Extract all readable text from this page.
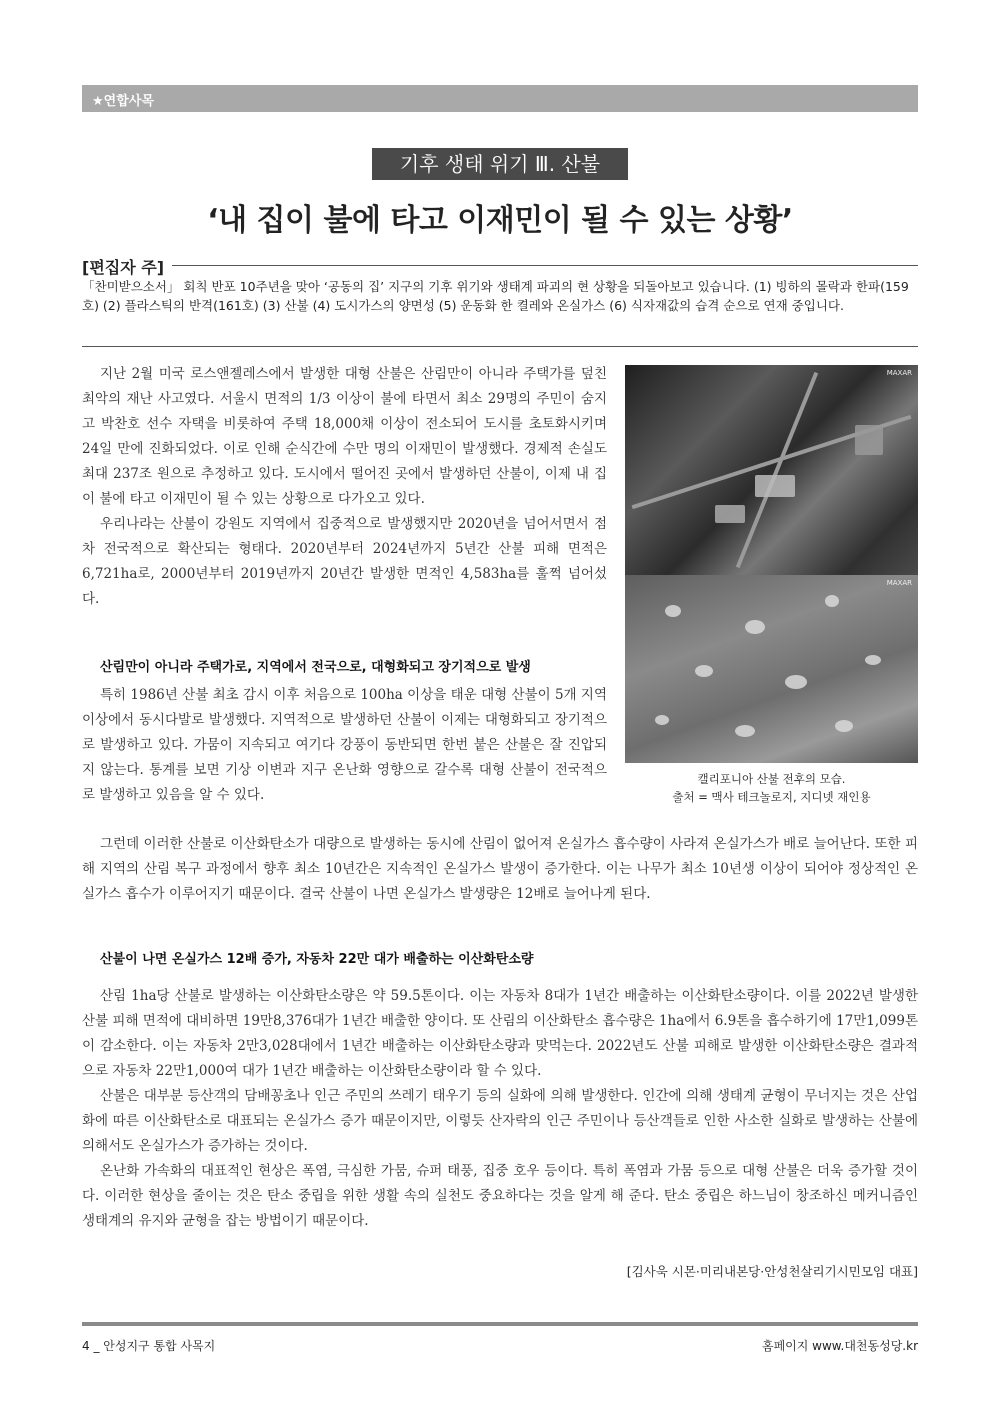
★연합사목
기후 생태 위기 Ⅲ. 산불
‘내 집이 불에 타고 이재민이 될 수 있는 상황’
[편집자 주]
「찬미받으소서」 회칙 반포 10주년을 맞아 ‘공동의 집’ 지구의 기후 위기와 생태계 파괴의 현 상황을 되돌아보고 있습니다. (1) 빙하의 몰락과 한파(159호) (2) 플라스틱의 반격(161호) (3) 산불 (4) 도시가스의 양면성 (5) 운동화 한 켤레와 온실가스 (6) 식자재값의 습격 순으로 연재 중입니다.

지난 2월 미국 로스앤젤레스에서 발생한 대형 산불은 산림만이 아니라 주택가를 덮친 최악의 재난 사고였다. 서울시 면적의 1/3 이상이 불에 타면서 최소 29명의 주민이 숨지고 박찬호 선수 자택을 비롯하여 주택 18,000채 이상이 전소되어 도시를 초토화시키며 24일 만에 진화되었다. 이로 인해 순식간에 수만 명의 이재민이 발생했다. 경제적 손실도 최대 237조 원으로 추정하고 있다. 도시에서 떨어진 곳에서 발생하던 산불이, 이제 내 집이 불에 타고 이재민이 될 수 있는 상황으로 다가오고 있다.

우리나라는 산불이 강원도 지역에서 집중적으로 발생했지만 2020년을 넘어서면서 점차 전국적으로 확산되는 형태다. 2020년부터 2024년까지 5년간 산불 피해 면적은 6,721ha로, 2000년부터 2019년까지 20년간 발생한 면적인 4,583ha를 훌쩍 넘어섰다.

산림만이 아니라 주택가로, 지역에서 전국으로, 대형화되고 장기적으로 발생

특히 1986년 산불 최초 감시 이후 처음으로 100ha 이상을 태운 대형 산불이 5개 지역 이상에서 동시다발로 발생했다. 지역적으로 발생하던 산불이 이제는 대형화되고 장기적으로 발생하고 있다. 가뭄이 지속되고 여기다 강풍이 동반되면 한번 붙은 산불은 잘 진압되지 않는다. 통계를 보면 기상 이변과 지구 온난화 영향으로 갈수록 대형 산불이 전국적으로 발생하고 있음을 알 수 있다.

MAXAR
MAXAR
캘리포니아 산불 전후의 모습.
출처 = 맥사 테크놀로지, 지디넷 재인용

그런데 이러한 산불로 이산화탄소가 대량으로 발생하는 동시에 산림이 없어져 온실가스 흡수량이 사라져 온실가스가 배로 늘어난다. 또한 피해 지역의 산림 복구 과정에서 향후 최소 10년간은 지속적인 온실가스 발생이 증가한다. 이는 나무가 최소 10년생 이상이 되어야 정상적인 온실가스 흡수가 이루어지기 때문이다. 결국 산불이 나면 온실가스 발생량은 12배로 늘어나게 된다.

산불이 나면 온실가스 12배 증가, 자동차 22만 대가 배출하는 이산화탄소량

산림 1ha당 산불로 발생하는 이산화탄소량은 약 59.5톤이다. 이는 자동차 8대가 1년간 배출하는 이산화탄소량이다. 이를 2022년 발생한 산불 피해 면적에 대비하면 19만8,376대가 1년간 배출한 양이다. 또 산림의 이산화탄소 흡수량은 1ha에서 6.9톤을 흡수하기에 17만1,099톤이 감소한다. 이는 자동차 2만3,028대에서 1년간 배출하는 이산화탄소량과 맞먹는다. 2022년도 산불 피해로 발생한 이산화탄소량은 결과적으로 자동차 22만1,000여 대가 1년간 배출하는 이산화탄소량이라 할 수 있다.

산불은 대부분 등산객의 담배꽁초나 인근 주민의 쓰레기 태우기 등의 실화에 의해 발생한다. 인간에 의해 생태계 균형이 무너지는 것은 산업화에 따른 이산화탄소로 대표되는 온실가스 증가 때문이지만, 이렇듯 산자락의 인근 주민이나 등산객들로 인한 사소한 실화로 발생하는 산불에 의해서도 온실가스가 증가하는 것이다.

온난화 가속화의 대표적인 현상은 폭염, 극심한 가뭄, 슈퍼 태풍, 집중 호우 등이다. 특히 폭염과 가뭄 등으로 대형 산불은 더욱 증가할 것이다. 이러한 현상을 줄이는 것은 탄소 중립을 위한 생활 속의 실천도 중요하다는 것을 알게 해 준다. 탄소 중립은 하느님이 창조하신 메커니즘인 생태계의 유지와 균형을 잡는 방법이기 때문이다.

[김사욱 시몬·미리내본당·안성천살리기시민모임 대표]
4 _ 안성지구 통합 사목지	홈페이지 www.대천동성당.kr
